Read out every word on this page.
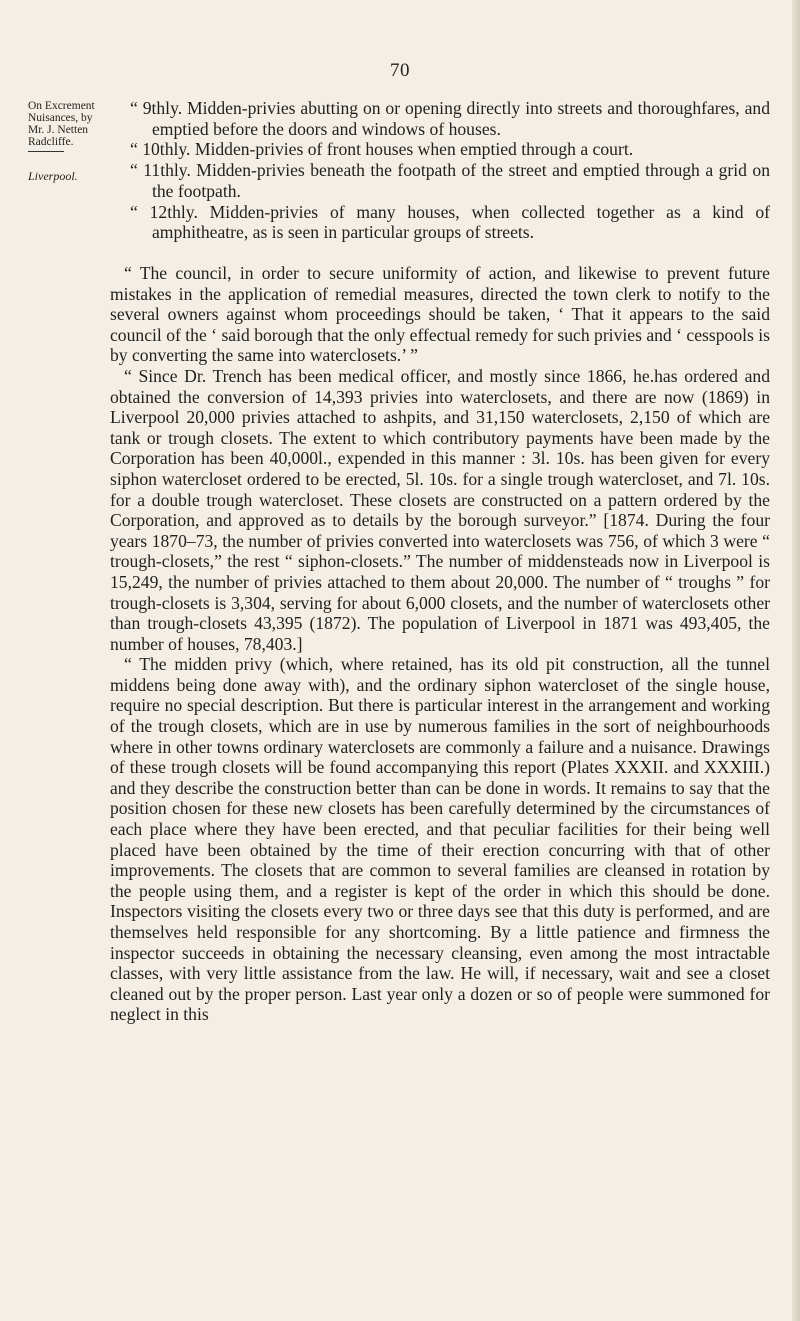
70
On Excrement
Nuisances, by
Mr. J. Netten
Radcliffe.
Liverpool.

“ 9thly. Midden-privies abutting on or opening directly into streets and thoroughfares, and emptied before the doors and windows of houses.

“ 10thly. Midden-privies of front houses when emptied through a court.

“ 11thly. Midden-privies beneath the footpath of the street and emptied through a grid on the footpath.

“ 12thly. Midden-privies of many houses, when collected together as a kind of amphitheatre, as is seen in particular groups of streets.

“ The council, in order to secure uniformity of action, and likewise to prevent future mistakes in the application of remedial measures, directed the town clerk to notify to the several owners against whom proceedings should be taken, ‘ That it appears to the said council of the ‘ said borough that the only effectual remedy for such privies and ‘ cesspools is by converting the same into waterclosets.’ ”

“ Since Dr. Trench has been medical officer, and mostly since 1866, he.has ordered and obtained the conversion of 14,393 privies into waterclosets, and there are now (1869) in Liverpool 20,000 privies attached to ashpits, and 31,150 waterclosets, 2,150 of which are tank or trough closets. The extent to which contributory payments have been made by the Corporation has been 40,000l., expended in this manner : 3l. 10s. has been given for every siphon watercloset ordered to be erected, 5l. 10s. for a single trough watercloset, and 7l. 10s. for a double trough watercloset. These closets are constructed on a pattern ordered by the Corporation, and approved as to details by the borough surveyor.” [1874. During the four years 1870–73, the number of privies converted into waterclosets was 756, of which 3 were “ trough-closets,” the rest “ siphon-closets.” The number of middensteads now in Liverpool is 15,249, the number of privies attached to them about 20,000. The number of “ troughs ” for trough-closets is 3,304, serving for about 6,000 closets, and the number of waterclosets other than trough-closets 43,395 (1872). The population of Liverpool in 1871 was 493,405, the number of houses, 78,403.]

“ The midden privy (which, where retained, has its old pit construction, all the tunnel middens being done away with), and the ordinary siphon watercloset of the single house, require no special description. But there is particular interest in the arrangement and working of the trough closets, which are in use by numerous families in the sort of neighbourhoods where in other towns ordinary waterclosets are commonly a failure and a nuisance. Drawings of these trough closets will be found accompanying this report (Plates XXXII. and XXXIII.) and they describe the construction better than can be done in words. It remains to say that the position chosen for these new closets has been carefully determined by the circumstances of each place where they have been erected, and that peculiar facilities for their being well placed have been obtained by the time of their erection concurring with that of other improvements. The closets that are common to several families are cleansed in rotation by the people using them, and a register is kept of the order in which this should be done. Inspectors visiting the closets every two or three days see that this duty is performed, and are themselves held responsible for any shortcoming. By a little patience and firmness the inspector succeeds in obtaining the necessary cleansing, even among the most intractable classes, with very little assistance from the law. He will, if necessary, wait and see a closet cleaned out by the proper person. Last year only a dozen or so of people were summoned for neglect in this
